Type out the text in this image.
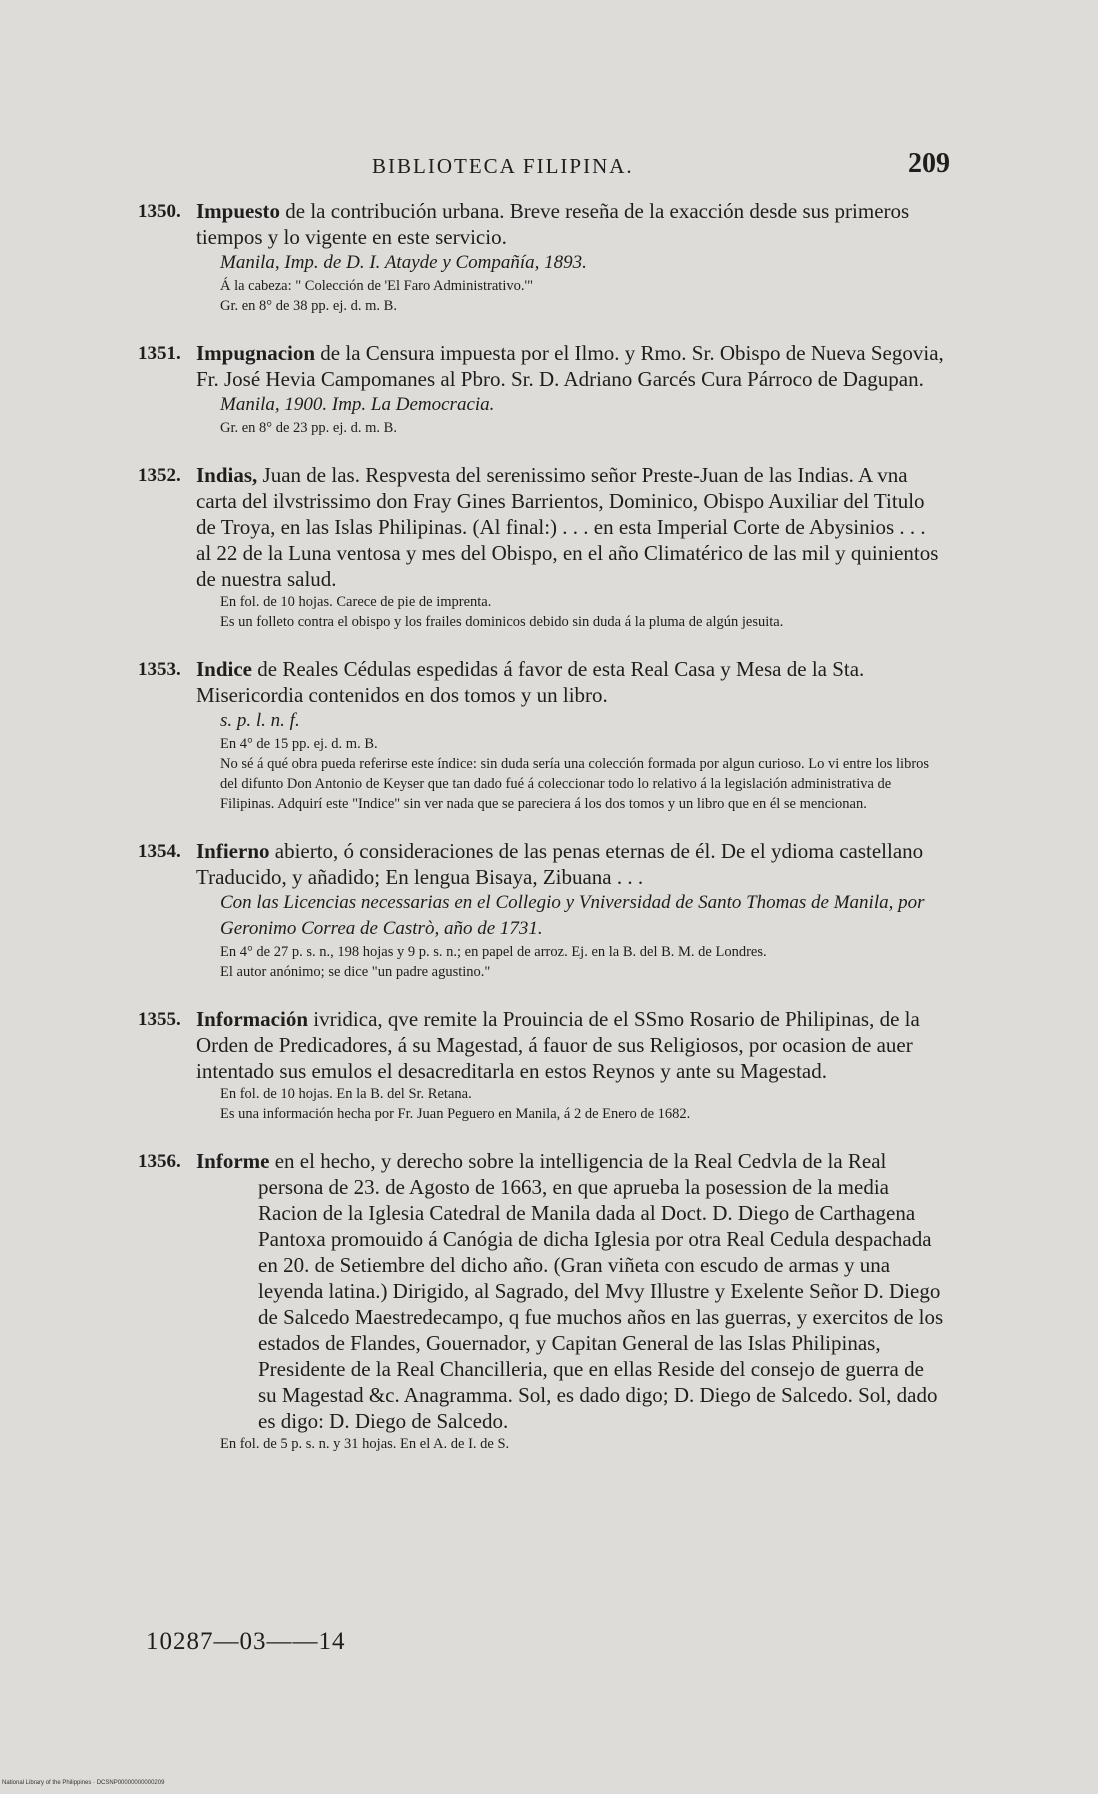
BIBLIOTECA FILIPINA.	209
1350. Impuesto de la contribución urbana. Breve reseña de la exacción desde sus primeros tiempos y lo vigente en este servicio.

Manila, Imp. de D. I. Atayde y Compañía, 1893.

Á la cabeza: " Colección de 'El Faro Administrativo.'"

Gr. en 8° de 38 pp. ej. d. m. B.

1351. Impugnacion de la Censura impuesta por el Ilmo. y Rmo. Sr. Obispo de Nueva Segovia, Fr. José Hevia Campomanes al Pbro. Sr. D. Adriano Garcés Cura Párroco de Dagupan.

Manila, 1900. Imp. La Democracia.

Gr. en 8° de 23 pp. ej. d. m. B.

1352. Indias, Juan de las. Respvesta del serenissimo señor Preste-Juan de las Indias. A vna carta del ilvstrissimo don Fray Gines Barrientos, Dominico, Obispo Auxiliar del Titulo de Troya, en las Islas Philipinas. (Al final:) . . . en esta Imperial Corte de Abysinios . . . al 22 de la Luna ventosa y mes del Obispo, en el año Climatérico de las mil y quinientos de nuestra salud.

En fol. de 10 hojas. Carece de pie de imprenta.

Es un folleto contra el obispo y los frailes dominicos debido sin duda á la pluma de algún jesuita.

1353. Indice de Reales Cédulas espedidas á favor de esta Real Casa y Mesa de la Sta. Misericordia contenidos en dos tomos y un libro.

s. p. l. n. f.

En 4° de 15 pp. ej. d. m. B.

No sé á qué obra pueda referirse este índice: sin duda sería una colección formada por algun curioso. Lo vi entre los libros del difunto Don Antonio de Keyser que tan dado fué á coleccionar todo lo relativo á la legislación administrativa de Filipinas. Adquirí este "Indice" sin ver nada que se pareciera á los dos tomos y un libro que en él se mencionan.

1354. Infierno abierto, ó consideraciones de las penas eternas de él. De el ydioma castellano Traducido, y añadido; En lengua Bisaya, Zibuana . . .

Con las Licencias necessarias en el Collegio y Vniversidad de Santo Thomas de Manila, por Geronimo Correa de Castrò, año de 1731.

En 4° de 27 p. s. n., 198 hojas y 9 p. s. n.; en papel de arroz. Ej. en la B. del B. M. de Londres.

El autor anónimo; se dice "un padre agustino."

1355. Información ivridica, qve remite la Prouincia de el SSmo Rosario de Philipinas, de la Orden de Predicadores, á su Magestad, á fauor de sus Religiosos, por ocasion de auer intentado sus emulos el desacreditarla en estos Reynos y ante su Magestad.

En fol. de 10 hojas. En la B. del Sr. Retana.

Es una información hecha por Fr. Juan Peguero en Manila, á 2 de Enero de 1682.

1356. Informe en el hecho, y derecho sobre la intelligencia de la Real Cedvla de la Real persona de 23. de Agosto de 1663, en que aprueba la posession de la media Racion de la Iglesia Catedral de Manila dada al Doct. D. Diego de Carthagena Pantoxa promouido á Canógia de dicha Iglesia por otra Real Cedula despachada en 20. de Setiembre del dicho año. (Gran viñeta con escudo de armas y una leyenda latina.) Dirigido, al Sagrado, del Mvy Illustre y Exelente Señor D. Diego de Salcedo Maestredecampo, q fue muchos años en las guerras, y exercitos de los estados de Flandes, Gouernador, y Capitan General de las Islas Philipinas, Presidente de la Real Chancilleria, que en ellas Reside del consejo de guerra de su Magestad &c. Anagramma. Sol, es dado digo; D. Diego de Salcedo. Sol, dado es digo: D. Diego de Salcedo.

En fol. de 5 p. s. n. y 31 hojas. En el A. de I. de S.

10287—03——14
National Library of the Philippines · DCSNP00000000000209
